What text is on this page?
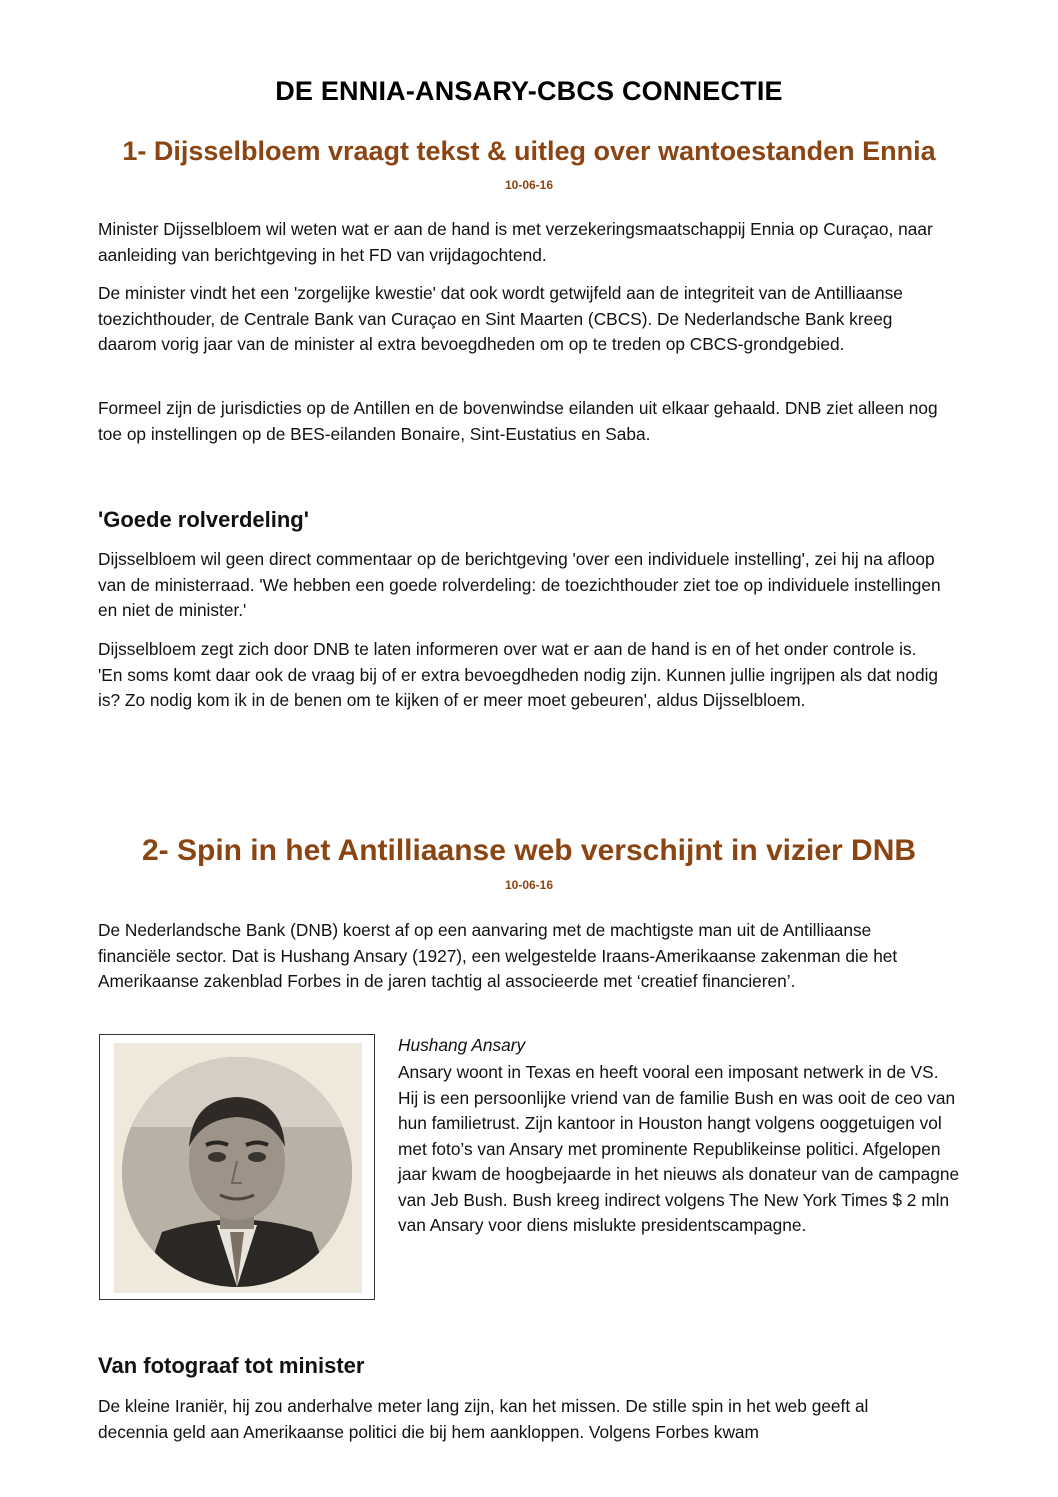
DE ENNIA-ANSARY-CBCS CONNECTIE
1- Dijsselbloem vraagt tekst & uitleg over wantoestanden Ennia
10-06-16

Minister Dijsselbloem wil weten wat er aan de hand is met verzekeringsmaatschappij Ennia op Curaçao, naar aanleiding van berichtgeving in het FD van vrijdagochtend.

De minister vindt het een 'zorgelijke kwestie' dat ook wordt getwijfeld aan de integriteit van de Antilliaanse toezichthouder, de Centrale Bank van Curaçao en Sint Maarten (CBCS). De Nederlandsche Bank kreeg daarom vorig jaar van de minister al extra bevoegdheden om op te treden op CBCS-grondgebied.

Formeel zijn de jurisdicties op de Antillen en de bovenwindse eilanden uit elkaar gehaald. DNB ziet alleen nog toe op instellingen op de BES-eilanden Bonaire, Sint-Eustatius en Saba.

'Goede rolverdeling'

Dijsselbloem wil geen direct commentaar op de berichtgeving 'over een individuele instelling', zei hij na afloop van de ministerraad. 'We hebben een goede rolverdeling: de toezichthouder ziet toe op individuele instellingen en niet de minister.'

Dijsselbloem zegt zich door DNB te laten informeren over wat er aan de hand is en of het onder controle is. 'En soms komt daar ook de vraag bij of er extra bevoegdheden nodig zijn. Kunnen jullie ingrijpen als dat nodig is? Zo nodig kom ik in de benen om te kijken of er meer moet gebeuren', aldus Dijsselbloem.

2- Spin in het Antilliaanse web verschijnt in vizier DNB
10-06-16

De Nederlandsche Bank (DNB) koerst af op een aanvaring met de machtigste man uit de Antilliaanse financiële sector. Dat is Hushang Ansary (1927), een welgestelde Iraans-Amerikaanse zakenman die het Amerikaanse zakenblad Forbes in de jaren tachtig al associeerde met ‘creatief financieren’.

Hushang Ansary

Ansary woont in Texas en heeft vooral een imposant netwerk in de VS. Hij is een persoonlijke vriend van de familie Bush en was ooit de ceo van hun familietrust. Zijn kantoor in Houston hangt volgens ooggetuigen vol met foto’s van Ansary met prominente Republikeinse politici. Afgelopen jaar kwam de hoogbejaarde in het nieuws als donateur van de campagne van Jeb Bush. Bush kreeg indirect volgens The New York Times $ 2 mln van Ansary voor diens mislukte presidentscampagne.

Van fotograaf tot minister

De kleine Iraniër, hij zou anderhalve meter lang zijn, kan het missen. De stille spin in het web geeft al decennia geld aan Amerikaanse politici die bij hem aankloppen. Volgens Forbes kwam
